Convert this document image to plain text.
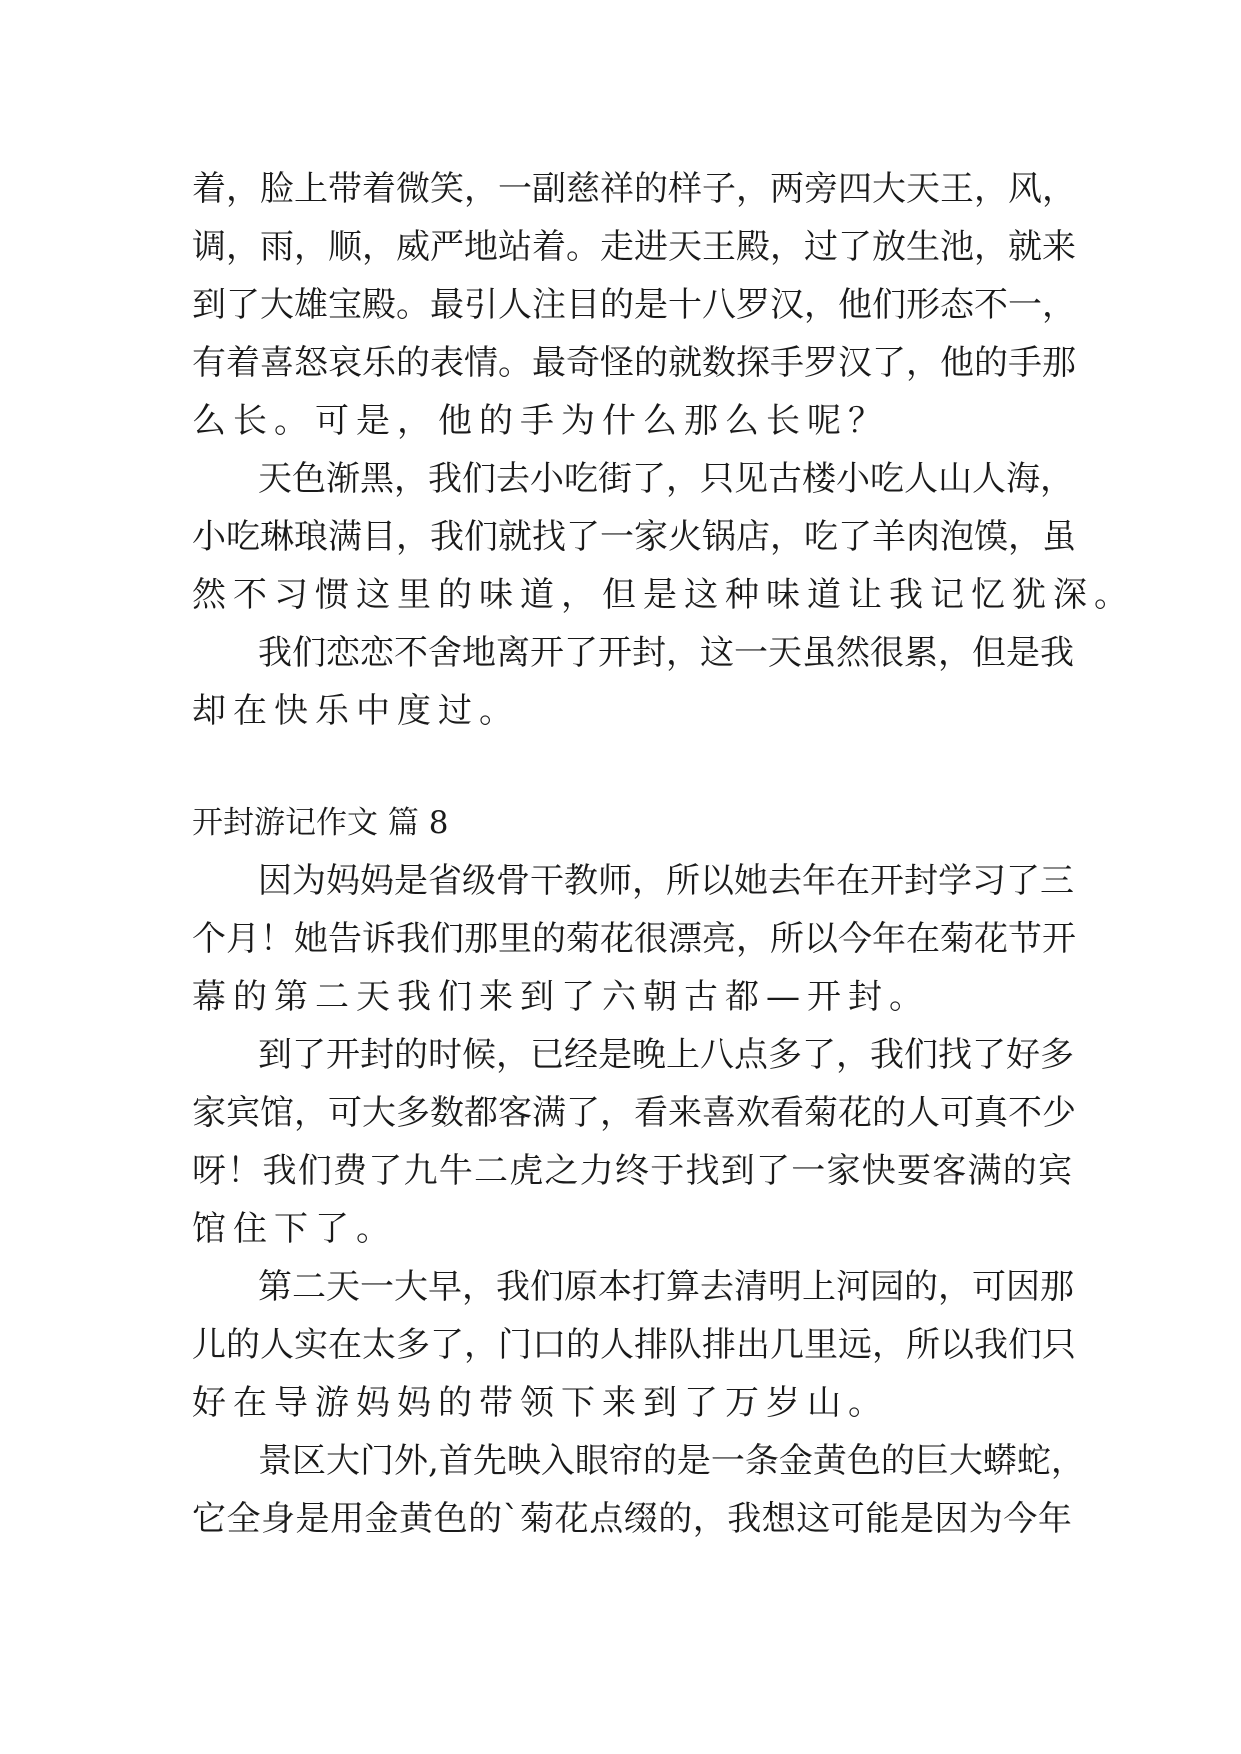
着 ， 脸 上 带 着 微 笑 ， 一 副 慈 祥 的 样 子 ， 两 旁 四 大 天 王 ， 风 ，
调 ， 雨 ， 顺 ， 威 严 地 站 着 。 走 进 天 王 殿 ， 过 了 放 生 池 ， 就 来
到 了 大 雄 宝 殿 。 最 引 人 注 目 的 是 十 八 罗 汉 ， 他 们 形 态 不 一 ，
有 着 喜 怒 哀 乐 的 表 情 。 最 奇 怪 的 就 数 探 手 罗 汉 了 ， 他 的 手 那
么长。可是，他的手为什么那么长呢？
天 色 渐 黑 ， 我 们 去 小 吃 街 了 ， 只 见 古 楼 小 吃 人 山 人 海 ，
小 吃 琳 琅 满 目 ， 我 们 就 找 了 一 家 火 锅 店 ， 吃 了 羊 肉 泡 馍 ， 虽
然不习惯这里的味道，但是这种味道让我记忆犹深。
我 们 恋 恋 不 舍 地 离 开 了 开 封 ， 这 一 天 虽 然 很 累 ， 但 是 我
却在快乐中度过。
因 为 妈 妈 是 省 级 骨 干 教 师 ， 所 以 她 去 年 在 开 封 学 习 了 三
个 月 ！ 她 告 诉 我 们 那 里 的 菊 花 很 漂 亮 ， 所 以 今 年 在 菊 花 节 开
幕的第二天我们来到了六朝古都—开封。
到 了 开 封 的 时 候 ， 已 经 是 晚 上 八 点 多 了 ， 我 们 找 了 好 多
家 宾 馆 ， 可 大 多 数 都 客 满 了 ， 看 来 喜 欢 看 菊 花 的 人 可 真 不 少
呀 ！ 我 们 费 了 九 牛 二 虎 之 力 终 于 找 到 了 一 家 快 要 客 满 的 宾
馆住下了。
第 二 天 一 大 早 ， 我 们 原 本 打 算 去 清 明 上 河 园 的 ， 可 因 那
儿 的 人 实 在 太 多 了 ， 门 口 的 人 排 队 排 出 几 里 远 ， 所 以 我 们 只
好在导游妈妈的带领下来到了万岁山。
景 区 大 门 外 , 首 先 映 入 眼 帘 的 是 一 条 金 黄 色 的 巨 大 蟒 蛇 ，
它 全 身 是 用 金 黄 色 的 ` 菊 花 点 缀 的 ， 我 想 这 可 能 是 因 为 今 年
开封游记作文 篇 8
